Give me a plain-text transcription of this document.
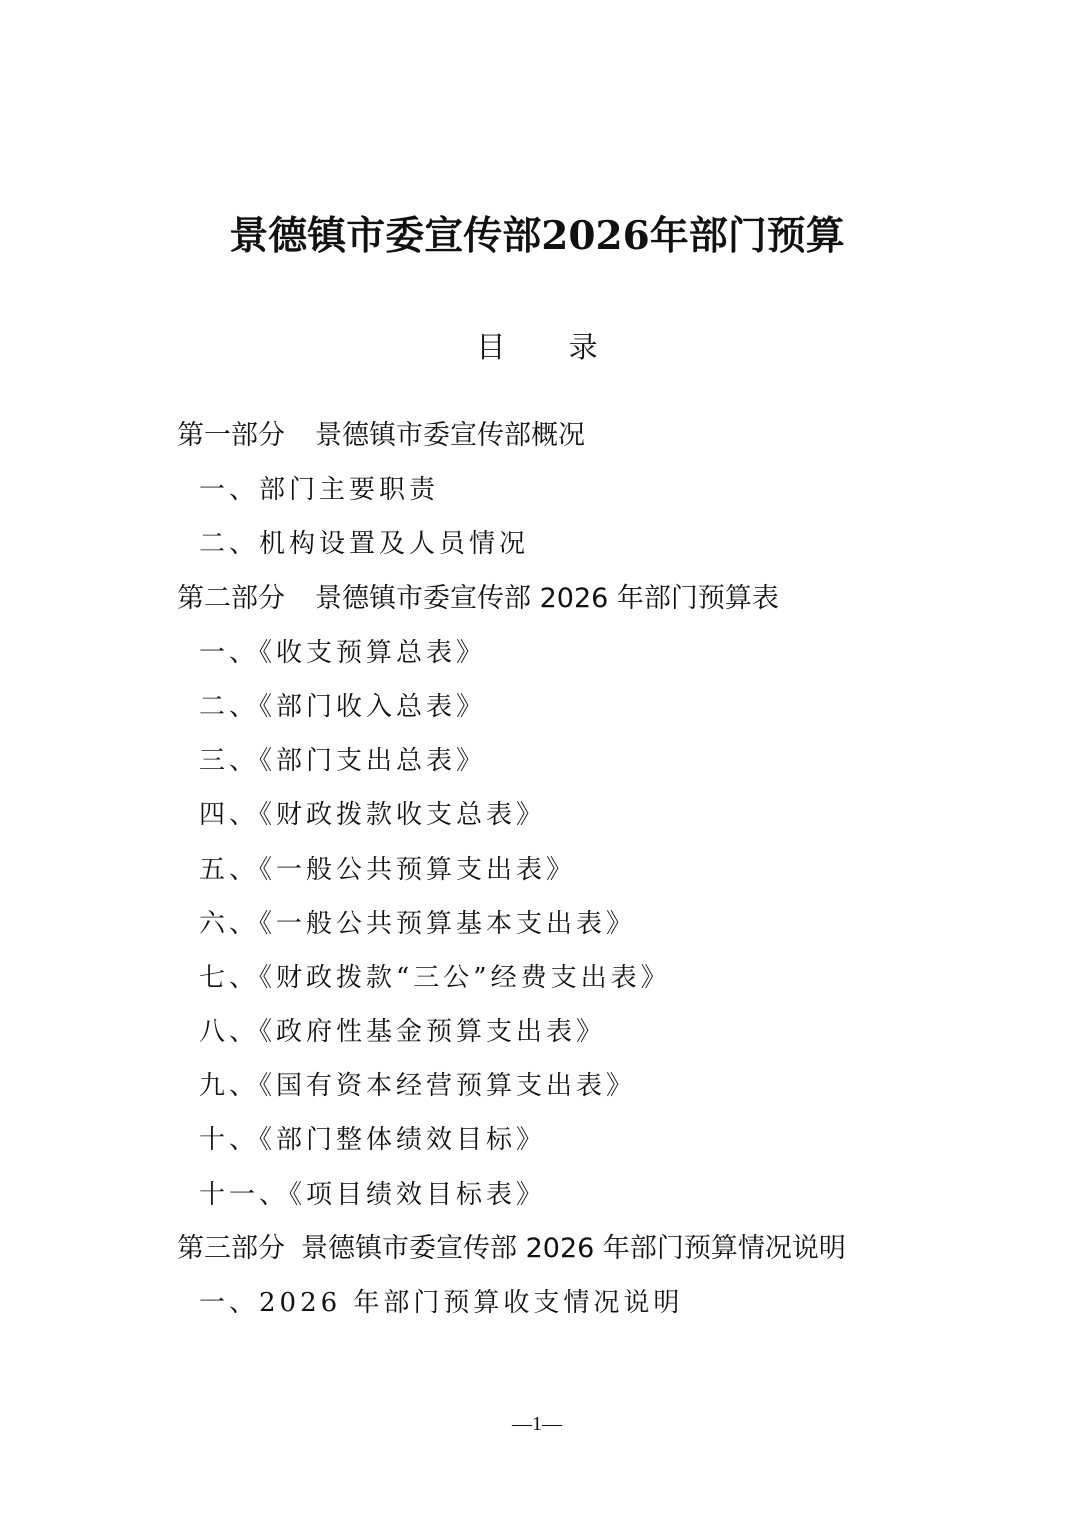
景德镇市委宣传部2026年部门预算
目 录
第一部分 景德镇市委宣传部概况
一、部门主要职责
二、机构设置及人员情况
第二部分 景德镇市委宣传部 2026 年部门预算表
一、《收支预算总表》
二、《部门收入总表》
三、《部门支出总表》
四、《财政拨款收支总表》
五、《一般公共预算支出表》
六、《一般公共预算基本支出表》
七、《财政拨款“三公”经费支出表》
八、《政府性基金预算支出表》
九、《国有资本经营预算支出表》
十、《部门整体绩效目标》
十一、《项目绩效目标表》
第三部分 景德镇市委宣传部 2026 年部门预算情况说明
一、2026 年部门预算收支情况说明
—1—
